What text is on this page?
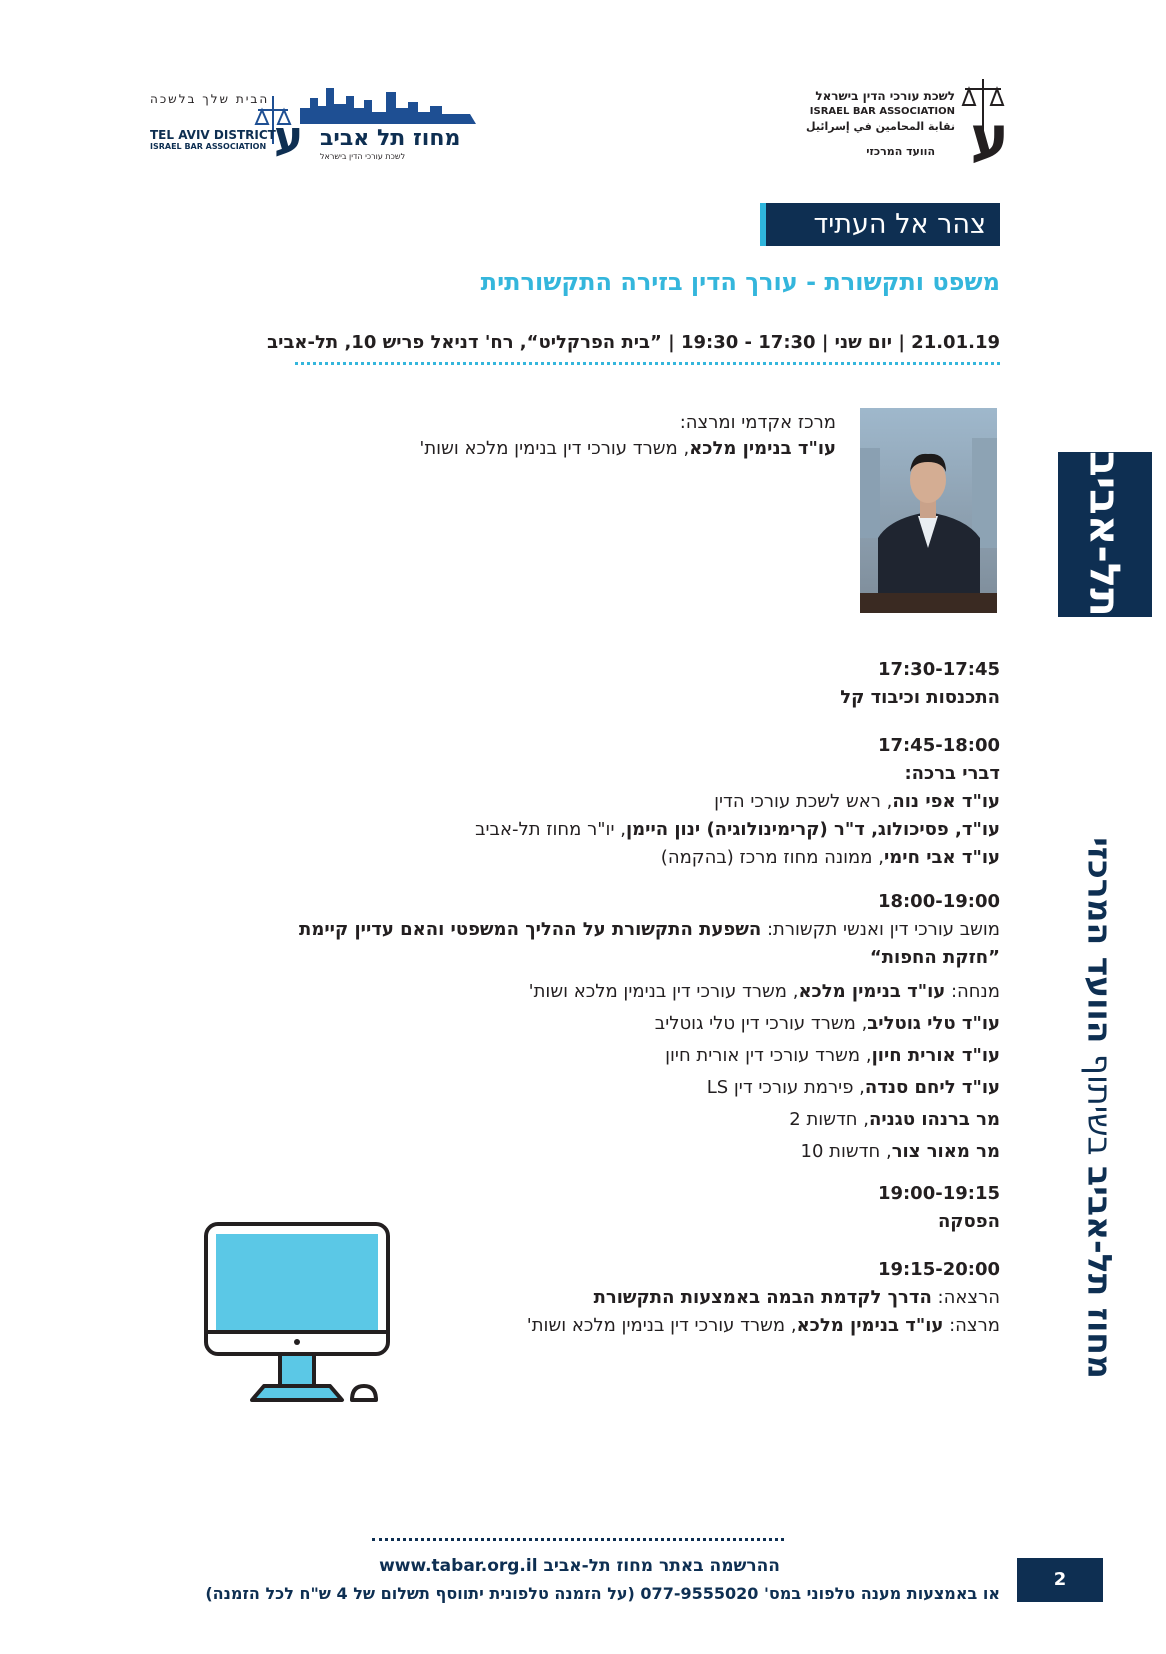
הבית שלך בלשכה
מחוז תל אביב
לשכת עורכי הדין בישראל
TEL AVIV DISTRICT
ISRAEL BAR ASSOCIATION ע
לשכת עורכי הדין בישראל
ISRAEL BAR ASSOCIATION
نقابة المحامين في إسرائيل
הוועד המרכזי ע
צהר אל העתיד
משפט ותקשורת - עורך הדין בזירה התקשורתית
21.01.19 | יום שני | 17:30 - 19:30 | ”בית הפרקליט“, רח' דניאל פריש 10, תל-אביב
מרכז אקדמי ומרצה:
עו"ד בנימין מלכא, משרד עורכי דין בנימין מלכא ושות'
17:30-17:45
התכנסות וכיבוד קל
17:45-18:00
דברי ברכה:
עו"ד אפי נוה, ראש לשכת עורכי הדין
עו"ד, פסיכולוג, ד"ר (קרימינולוגיה) ינון היימן, יו"ר מחוז תל-אביב
עו"ד אבי חימי, ממונה מחוז מרכז (בהקמה)
18:00-19:00
מושב עורכי דין ואנשי תקשורת: השפעת התקשורת על ההליך המשפטי והאם עדיין קיימת
”חזקת החפות“
מנחה: עו"ד בנימין מלכא, משרד עורכי דין בנימין מלכא ושות'
עו"ד טלי גוטליב, משרד עורכי דין טלי גוטליב
עו"ד אורית חיון, משרד עורכי דין אורית חיון
עו"ד ליחם סנדה, פירמת עורכי דין LS
מר ברנהו טגניה, חדשות 2
מר מאור צור, חדשות 10
19:00-19:15
הפסקה
19:15-20:00
הרצאה: הדרך לקדמת הבמה באמצעות התקשורת
מרצה: עו"ד בנימין מלכא, משרד עורכי דין בנימין מלכא ושות'
תל-אביב
מחוז תל-אביב בשיתוף הוועד המרכזי
ההרשמה באתר מחוז תל-אביב www.tabar.org.il
או באמצעות מענה טלפוני במס' 077-9555020 (על הזמנה טלפונית יתווסף תשלום של 4 ש"ח לכל הזמנה)
2
